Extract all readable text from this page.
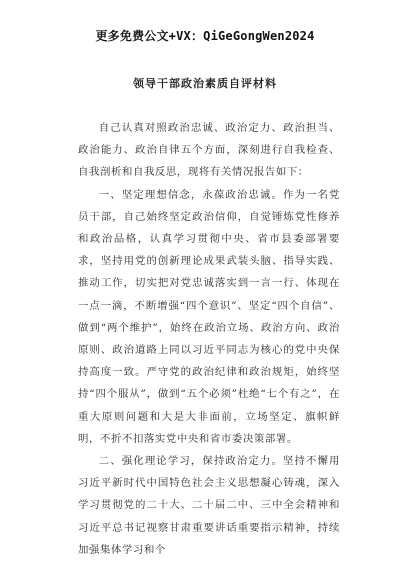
更多免费公文+VX：QiGeGongWen2024
领导干部政治素质自评材料

自己认真对照政治忠诚、政治定力、政治担当、政治能力、政治自律五个方面，深刻进行自我检查、自我剖析和自我反思，现将有关情况报告如下：

一、坚定理想信念，永葆政治忠诚。作为一名党员干部，自己始终坚定政治信仰，自觉锤炼党性修养和政治品格，认真学习贯彻中央、省市县委部署要求，坚持用党的创新理论成果武装头脑、指导实践、推动工作，切实把对党忠诚落实到一言一行、体现在一点一滴，不断增强“四个意识”、坚定“四个自信”、做到“两个维护”，始终在政治立场、政治方向、政治原则、政治道路上同以习近平同志为核心的党中央保持高度一致。严守党的政治纪律和政治规矩，始终坚持“四个服从”，做到“五个必须”杜绝“七个有之”，在重大原则问题和大是大非面前，立场坚定、旗帜鲜明，不折不扣落实党中央和省市委决策部署。

二、强化理论学习，保持政治定力。坚持不懈用习近平新时代中国特色社会主义思想凝心铸魂，深入学习贯彻党的二十大、二十届二中、三中全会精神和习近平总书记视察甘肃重要讲话重要指示精神，持续加强集体学习和个
